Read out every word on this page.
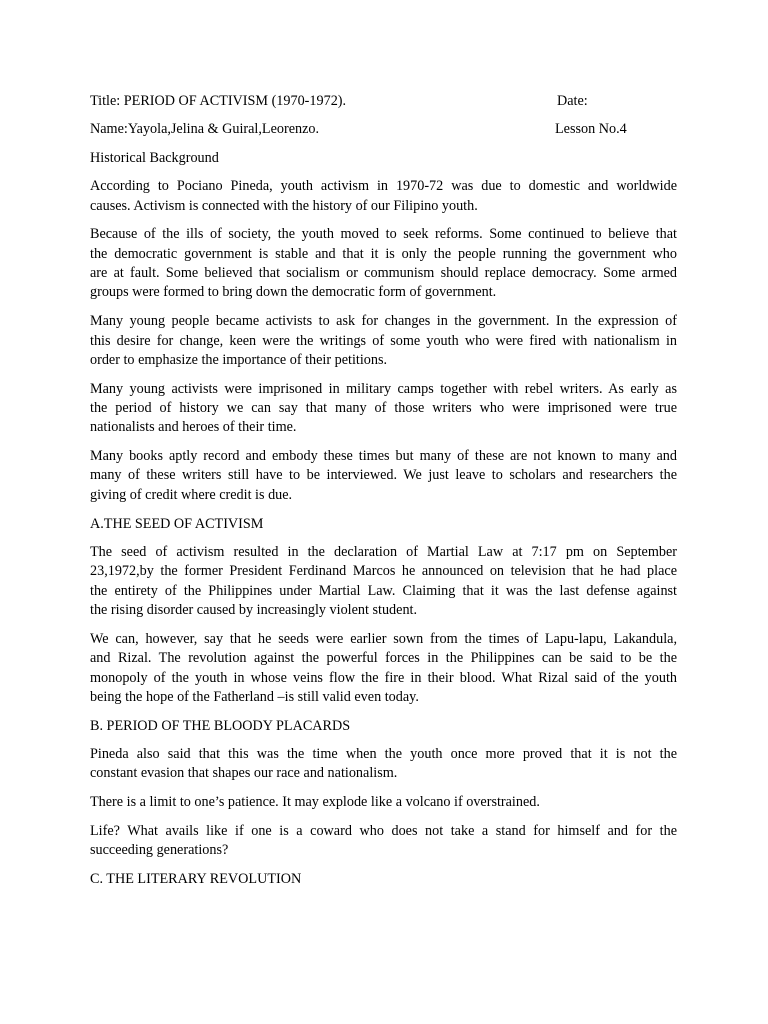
Title: PERIOD OF ACTIVISM (1970-1972).	Date:
Name:Yayola,Jelina & Guiral,Leorenzo.	Lesson No.4
Historical Background
According to Pociano Pineda, youth activism in 1970-72 was due to domestic and worldwide
causes. Activism is connected with the history of our Filipino youth.
Because of the ills of society, the youth moved to seek reforms. Some continued to believe that
the democratic government is stable and that it is only the people running the government who
are at fault. Some believed that socialism or communism should replace democracy. Some armed
groups were formed to bring down the democratic form of government.
Many young people became activists to ask for changes in the government. In the expression of
this desire for change, keen were the writings of some youth who were fired with nationalism in
order to emphasize the importance of their petitions.
Many young activists were imprisoned in military camps together with rebel writers. As early as
the period of history we can say that many of those writers who were imprisoned were true
nationalists and heroes of their time.
Many books aptly record and embody these times but many of these are not known to many and
many of these writers still have to be interviewed. We just leave to scholars and researchers the
giving of credit where credit is due.
A.THE SEED OF ACTIVISM
The seed of activism resulted in the declaration of Martial Law at 7:17 pm on September
23,1972,by the former President Ferdinand Marcos he announced on television that he had place
the entirety of the Philippines under Martial Law. Claiming that it was the last defense against
the rising disorder caused by increasingly violent student.
We can, however, say that he seeds were earlier sown from the times of Lapu-lapu, Lakandula,
and Rizal. The revolution against the powerful forces in the Philippines can be said to be the
monopoly of the youth in whose veins flow the fire in their blood. What Rizal said of the youth
being the hope of the Fatherland –is still valid even today.
B. PERIOD OF THE BLOODY PLACARDS
Pineda also said that this was the time when the youth once more proved that it is not the
constant evasion that shapes our race and nationalism.
There is a limit to one’s patience. It may explode like a volcano if overstrained.
Life? What avails like if one is a coward who does not take a stand for himself and for the
succeeding generations?
C. THE LITERARY REVOLUTION
